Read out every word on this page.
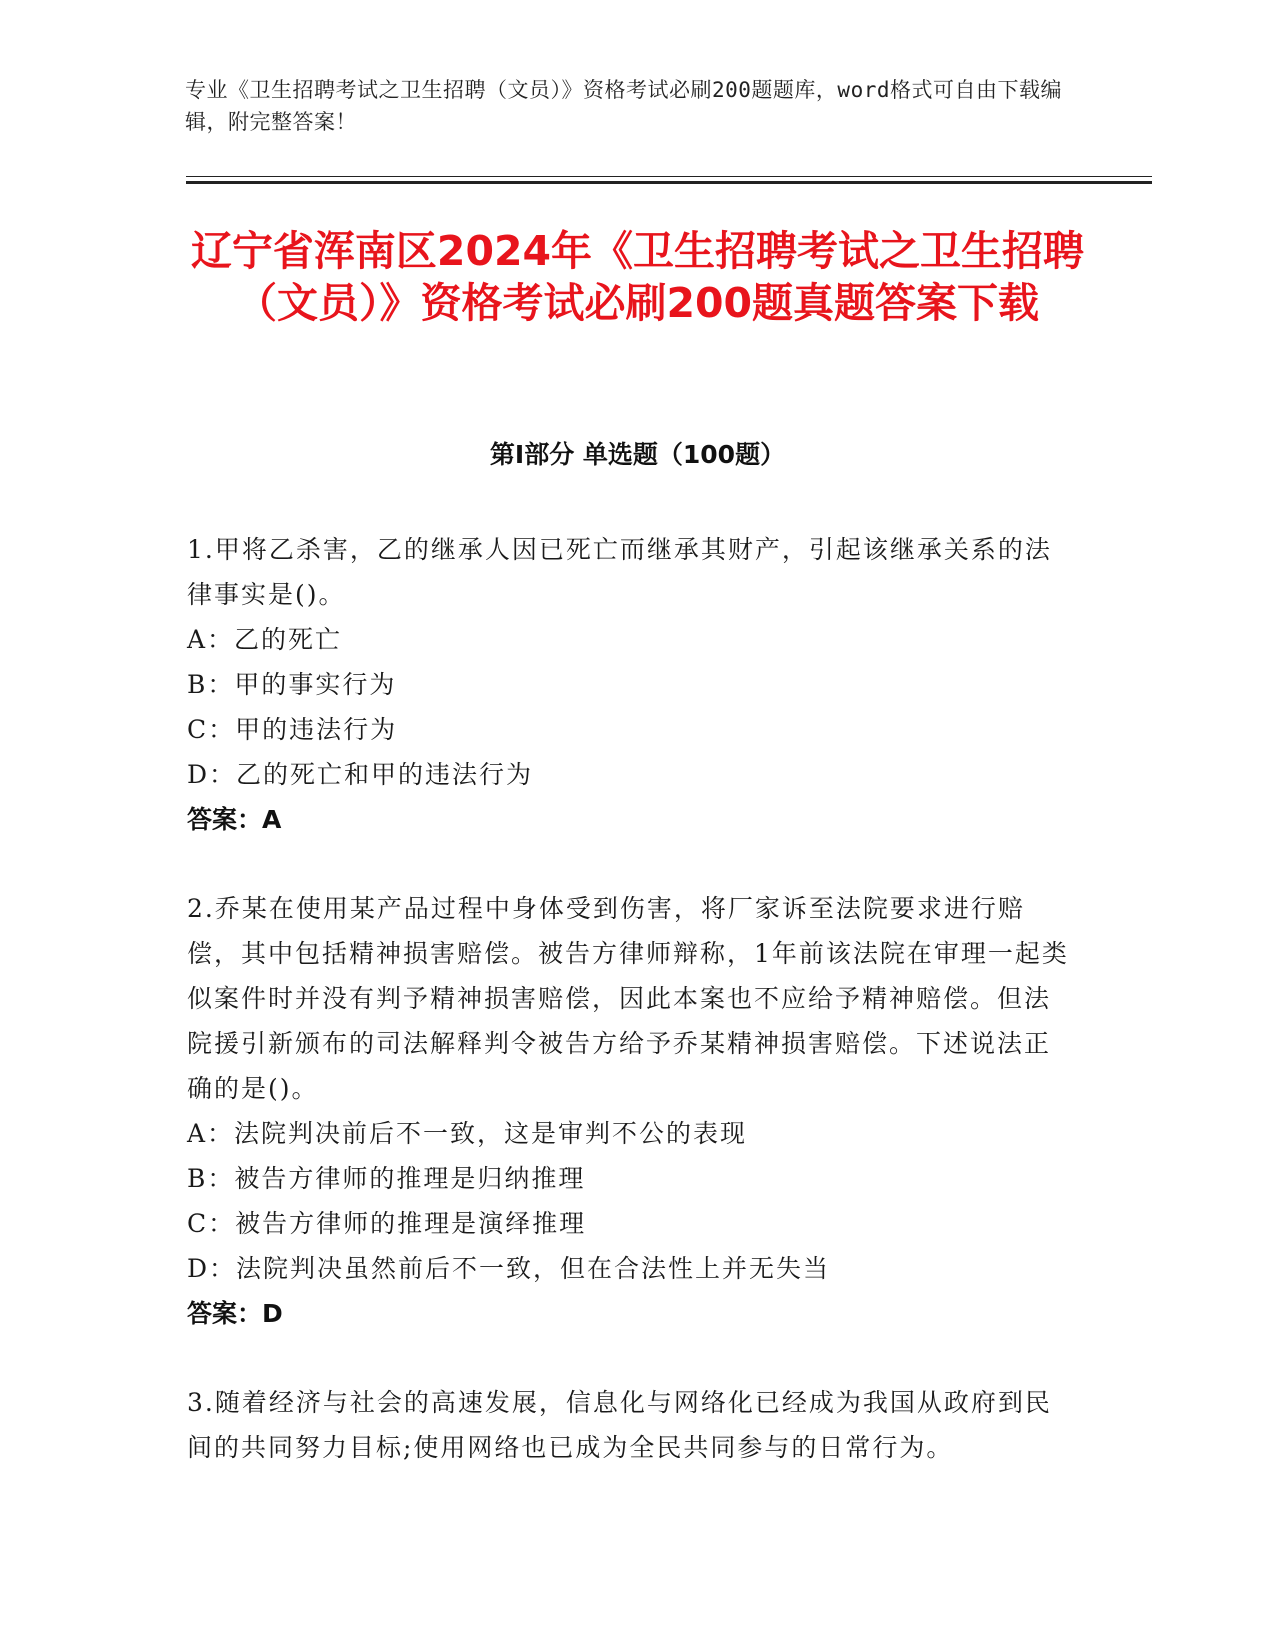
专业《卫生招聘考试之卫生招聘（文员）》资格考试必刷200题题库，word格式可自由下载编辑，附完整答案！
辽宁省浑南区2024年《卫生招聘考试之卫生招聘（文员）》资格考试必刷200题真题答案下载
第Ⅰ部分 单选题（100题）
1.甲将乙杀害，乙的继承人因已死亡而继承其财产，引起该继承关系的法律事实是()。
A：乙的死亡
B：甲的事实行为
C：甲的违法行为
D：乙的死亡和甲的违法行为
答案：A
2.乔某在使用某产品过程中身体受到伤害，将厂家诉至法院要求进行赔偿，其中包括精神损害赔偿。被告方律师辩称，1年前该法院在审理一起类似案件时并没有判予精神损害赔偿，因此本案也不应给予精神赔偿。但法院援引新颁布的司法解释判令被告方给予乔某精神损害赔偿。下述说法正确的是()。
A：法院判决前后不一致，这是审判不公的表现
B：被告方律师的推理是归纳推理
C：被告方律师的推理是演绎推理
D：法院判决虽然前后不一致，但在合法性上并无失当
答案：D
3.随着经济与社会的高速发展，信息化与网络化已经成为我国从政府到民间的共同努力目标;使用网络也已成为全民共同参与的日常行为。
